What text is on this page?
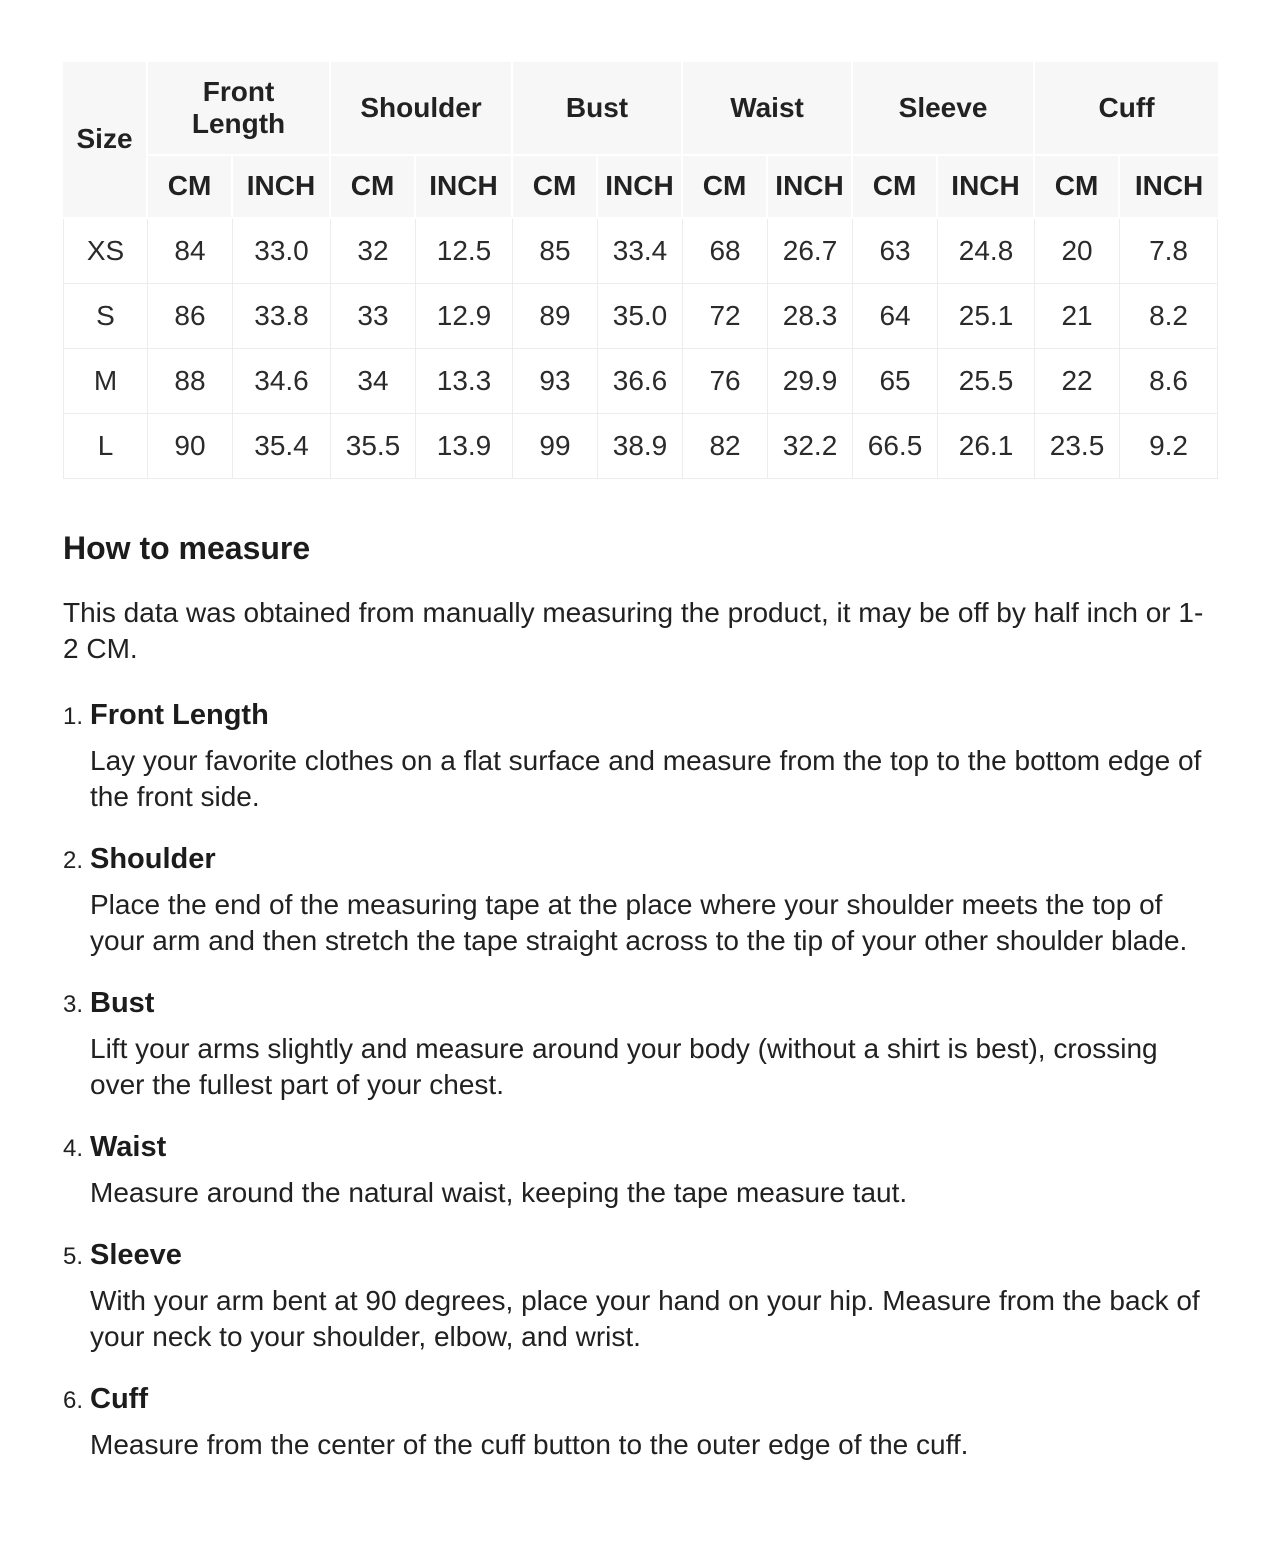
Size	Front Length		Shoulder		Bust		Waist		Sleeve		Cuff	
	CM	INCH	CM	INCH	CM	INCH	CM	INCH	CM	INCH	CM	INCH
XS	84	33.0	32	12.5	85	33.4	68	26.7	63	24.8	20	7.8
S	86	33.8	33	12.9	89	35.0	72	28.3	64	25.1	21	8.2
M	88	34.6	34	13.3	93	36.6	76	29.9	65	25.5	22	8.6
L	90	35.4	35.5	13.9	99	38.9	82	32.2	66.5	26.1	23.5	9.2
How to measure

This data was obtained from manually measuring the product, it may be off by half inch or 1-2 CM.

1. Front Length

Lay your favorite clothes on a flat surface and measure from the top to the bottom edge of the front side.

2. Shoulder

Place the end of the measuring tape at the place where your shoulder meets the top of your arm and then stretch the tape straight across to the tip of your other shoulder blade.

3. Bust

Lift your arms slightly and measure around your body (without a shirt is best), crossing over the fullest part of your chest.

4. Waist

Measure around the natural waist, keeping the tape measure taut.

5. Sleeve

With your arm bent at 90 degrees, place your hand on your hip. Measure from the back of your neck to your shoulder, elbow, and wrist.

6. Cuff

Measure from the center of the cuff button to the outer edge of the cuff.
